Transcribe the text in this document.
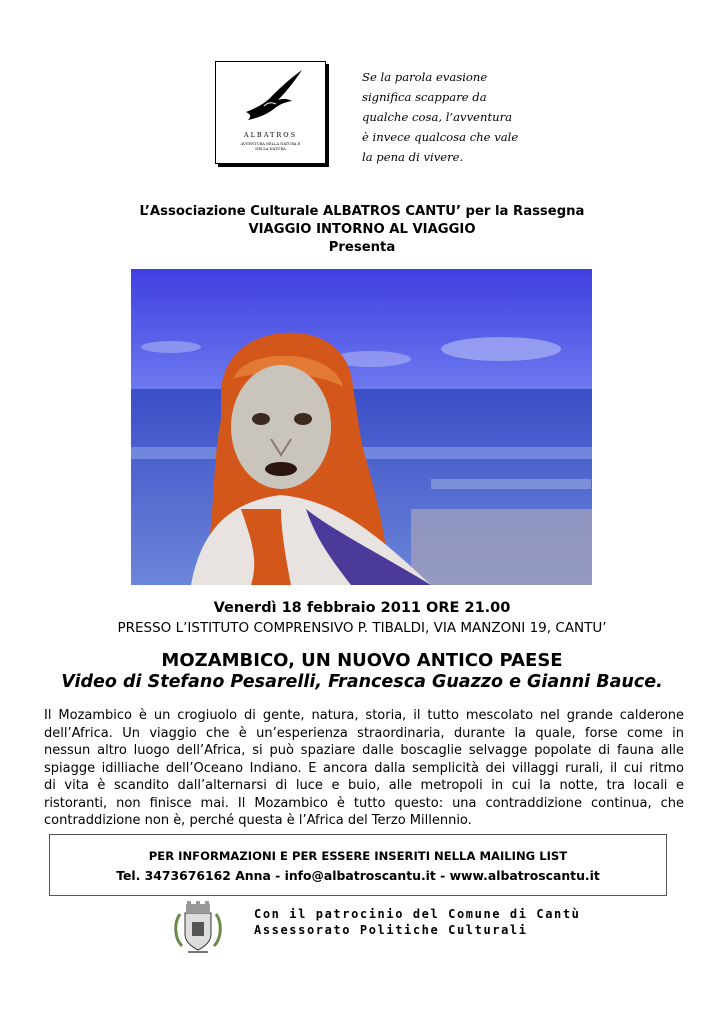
ALBATROS
AVVENTURA NELLA NATURA E NELLA NATURA
Se la parola evasione
significa scappare da
qualche cosa, l’avventura
è invece qualcosa che vale
la pena di vivere.
L’Associazione Culturale ALBATROS CANTU’ per la Rassegna
VIAGGIO INTORNO AL VIAGGIO
Presenta
Venerdì 18 febbraio 2011 ORE 21.00
PRESSO L’ISTITUTO COMPRENSIVO P. TIBALDI, VIA MANZONI 19, CANTU’
MOZAMBICO, UN NUOVO ANTICO PAESE
Video di Stefano Pesarelli, Francesca Guazzo e Gianni Bauce.
Il Mozambico è un crogiuolo di gente, natura, storia, il tutto mescolato nel grande calderone
dell’Africa. Un viaggio che è un’esperienza straordinaria, durante la quale, forse come in
nessun altro luogo dell’Africa, si può spaziare dalle boscaglie selvagge popolate di fauna alle
spiagge idilliache dell’Oceano Indiano. E ancora dalla semplicità dei villaggi rurali, il cui ritmo
di vita è scandito dall’alternarsi di luce e buio, alle metropoli in cui la notte, tra locali e
ristoranti, non finisce mai. Il Mozambico è tutto questo: una contraddizione continua, che
contraddizione non è, perché questa è l’Africa del Terzo Millennio.
PER INFORMAZIONI E PER ESSERE INSERITI NELLA MAILING LIST
Tel. 3473676162 Anna - info@albatroscantu.it - www.albatroscantu.it
Con il patrocinio del Comune di Cantù
Assessorato Politiche Culturali
